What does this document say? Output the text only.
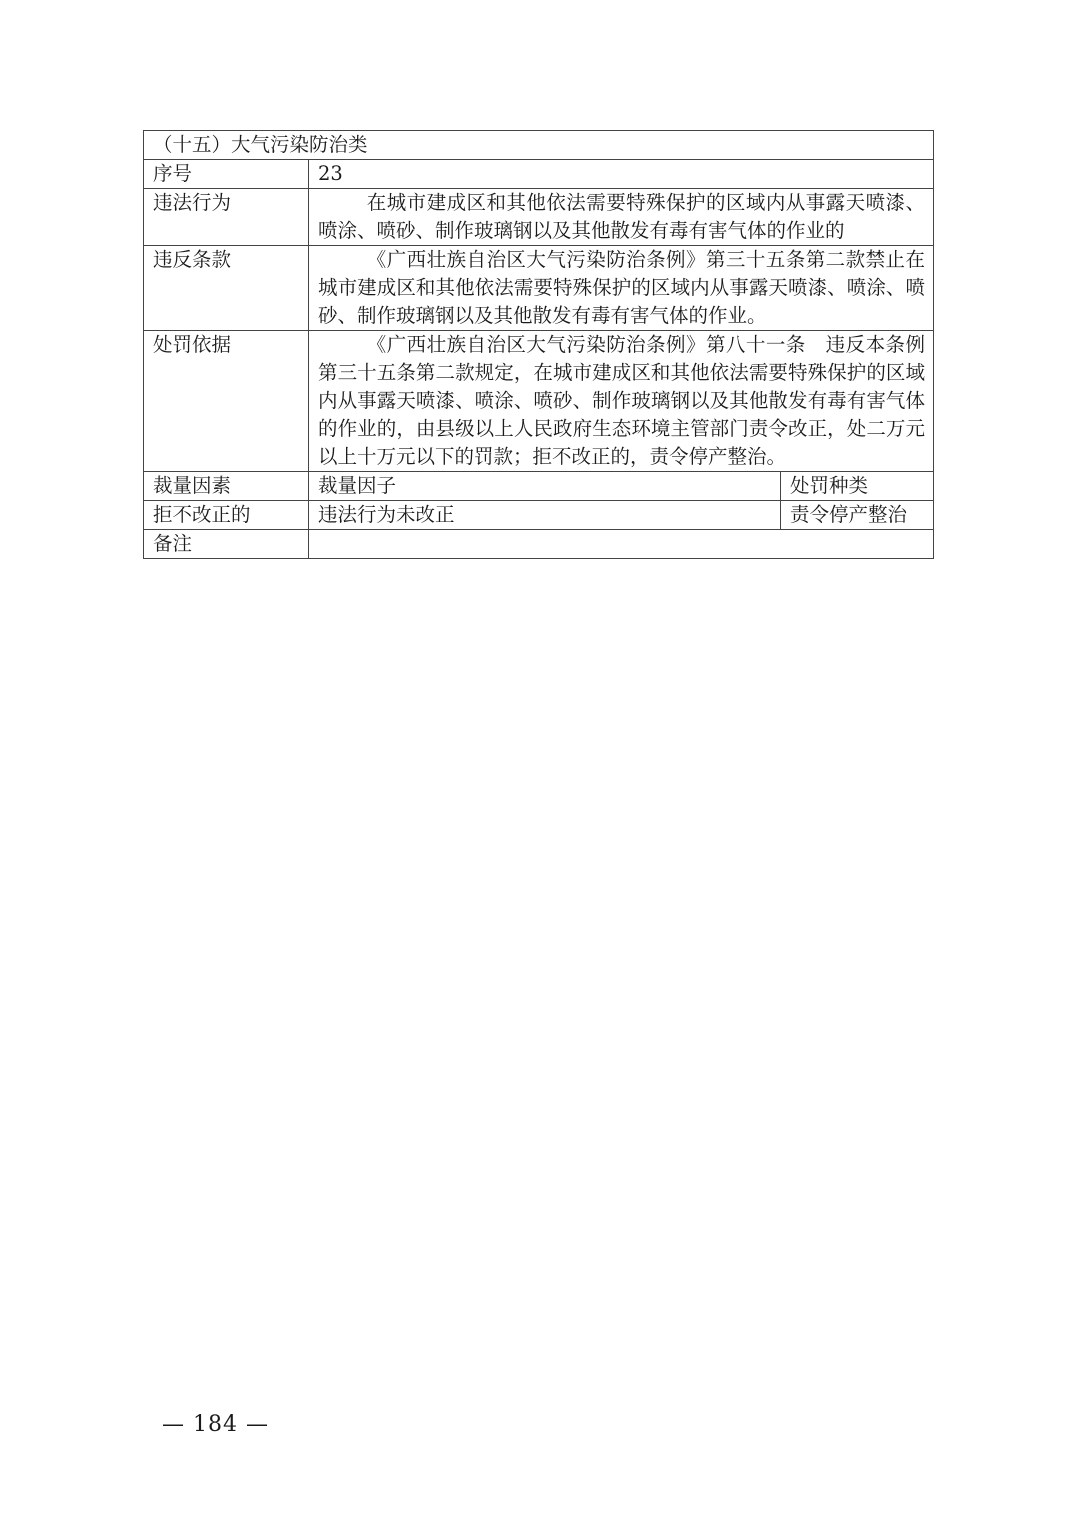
（十五）大气污染防治类		
序号	23	
违法行为	在城市建成区和其他依法需要特殊保护的区域内从事露天喷漆、喷涂、喷砂、制作玻璃钢以及其他散发有毒有害气体的作业的	
违反条款	《广西壮族自治区大气污染防治条例》第三十五条第二款禁止在城市建成区和其他依法需要特殊保护的区域内从事露天喷漆、喷涂、喷砂、制作玻璃钢以及其他散发有毒有害气体的作业。	
处罚依据	《广西壮族自治区大气污染防治条例》第八十一条　违反本条例第三十五条第二款规定，在城市建成区和其他依法需要特殊保护的区域内从事露天喷漆、喷涂、喷砂、制作玻璃钢以及其他散发有毒有害气体的作业的，由县级以上人民政府生态环境主管部门责令改正，处二万元以上十万元以下的罚款；拒不改正的，责令停产整治。	
裁量因素	裁量因子	处罚种类
拒不改正的	违法行为未改正	责令停产整治
备注		
— 184 —
